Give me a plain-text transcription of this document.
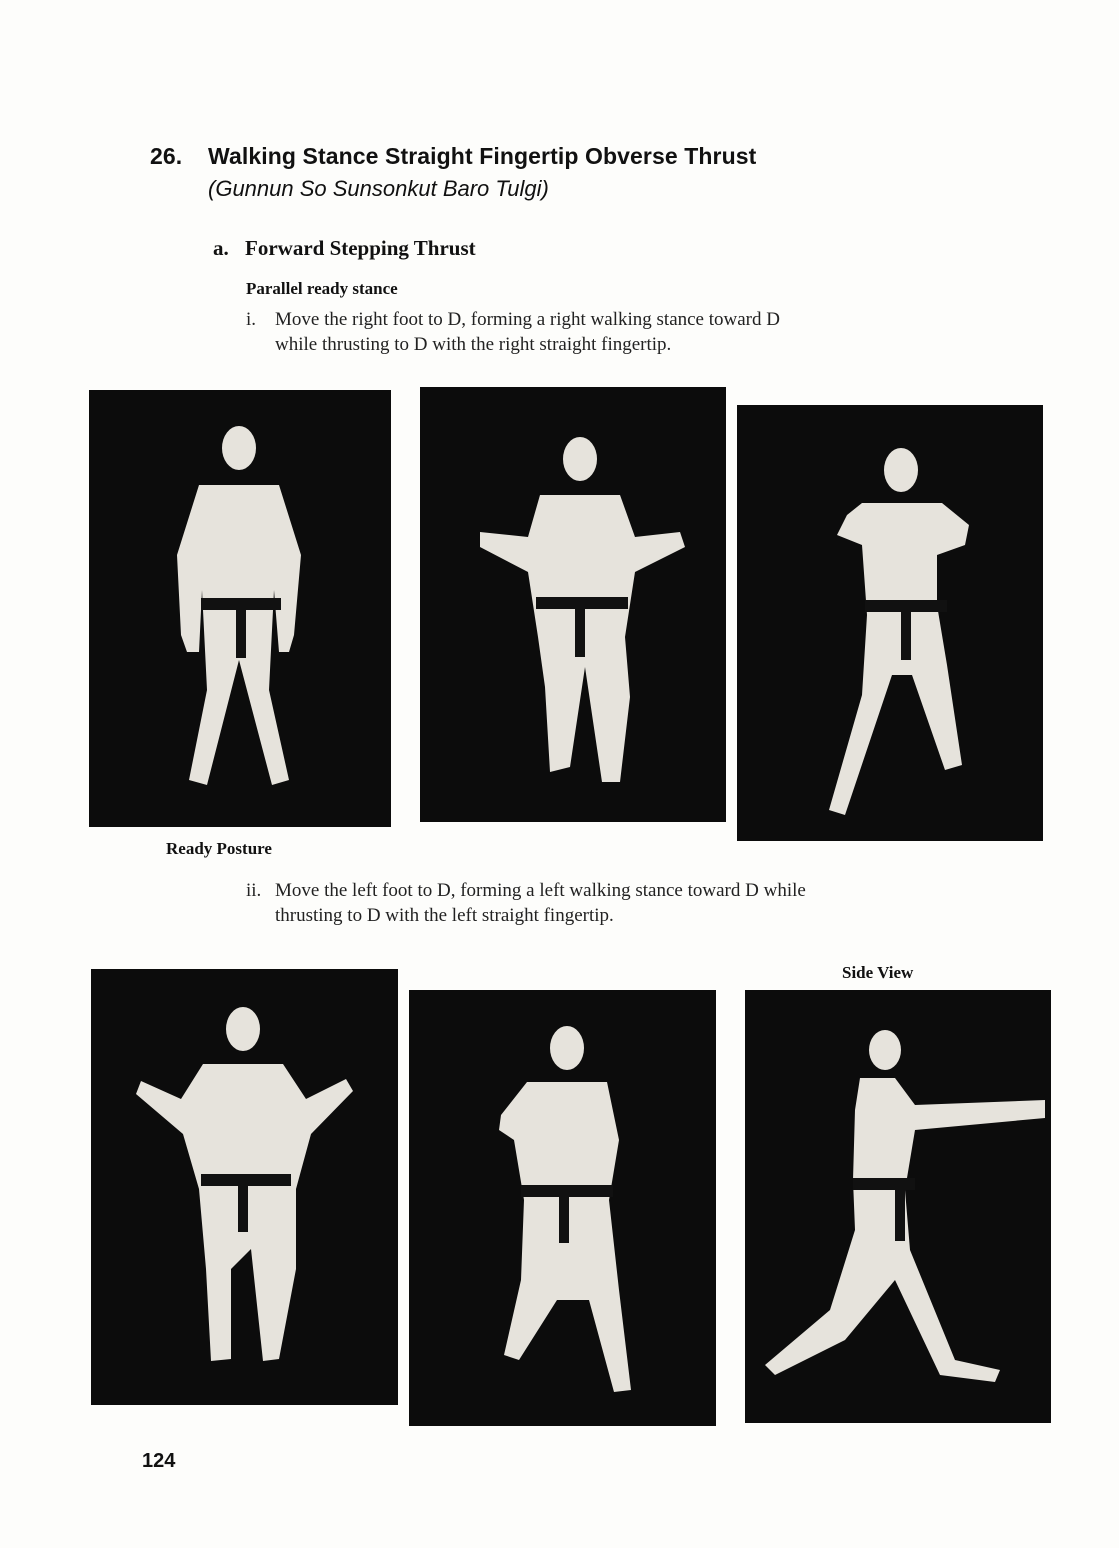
26. Walking Stance Straight Fingertip Obverse Thrust
(Gunnun So Sunsonkut Baro Tulgi)
a. Forward Stepping Thrust
Parallel ready stance
i. Move the right foot to D, forming a right walking stance toward D
while thrusting to D with the right straight fingertip.
Ready Posture
ii. Move the left foot to D, forming a left walking stance toward D while
thrusting to D with the left straight fingertip.
Side View
124
